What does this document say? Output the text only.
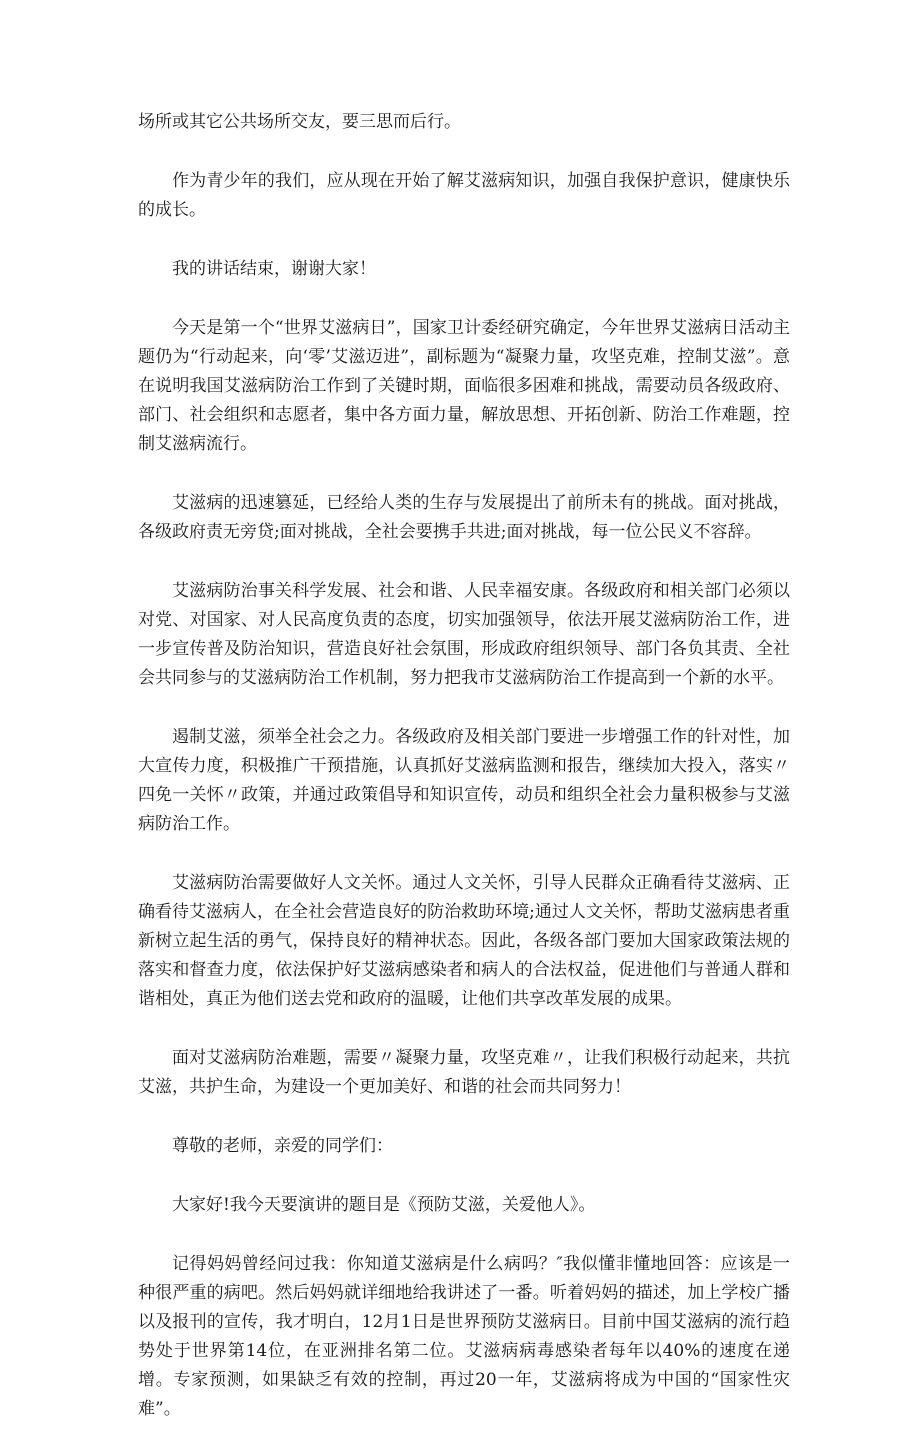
场所或其它公共场所交友，要三思而后行。

作为青少年的我们，应从现在开始了解艾滋病知识，加强自我保护意识，健康快乐的成长。

我的讲话结束，谢谢大家！

今天是第一个“世界艾滋病日”，国家卫计委经研究确定，今年世界艾滋病日活动主题仍为“行动起来，向‘零’艾滋迈进”，副标题为“凝聚力量，攻坚克难，控制艾滋”。意在说明我国艾滋病防治工作到了关键时期，面临很多困难和挑战，需要动员各级政府、部门、社会组织和志愿者，集中各方面力量，解放思想、开拓创新、防治工作难题，控制艾滋病流行。

艾滋病的迅速篡延，已经给人类的生存与发展提出了前所未有的挑战。面对挑战，各级政府责无旁贷;面对挑战，全社会要携手共进;面对挑战，每一位公民义不容辞。

艾滋病防治事关科学发展、社会和谐、人民幸福安康。各级政府和相关部门必须以对党、对国家、对人民高度负责的态度，切实加强领导，依法开展艾滋病防治工作，进一步宣传普及防治知识，营造良好社会氛围，形成政府组织领导、部门各负其责、全社会共同参与的艾滋病防治工作机制，努力把我市艾滋病防治工作提高到一个新的水平。

遏制艾滋，须举全社会之力。各级政府及相关部门要进一步增强工作的针对性，加大宣传力度，积极推广干预措施，认真抓好艾滋病监测和报告，继续加大投入，落实〃四免一关怀〃政策，并通过政策倡导和知识宣传，动员和组织全社会力量积极参与艾滋病防治工作。

艾滋病防治需要做好人文关怀。通过人文关怀，引导人民群众正确看待艾滋病、正确看待艾滋病人，在全社会营造良好的防治救助环境;通过人文关怀，帮助艾滋病患者重新树立起生活的勇气，保持良好的精神状态。因此，各级各部门要加大国家政策法规的落实和督查力度，依法保护好艾滋病感染者和病人的合法权益，促进他们与普通人群和谐相处，真正为他们送去党和政府的温暖，让他们共享改革发展的成果。

面对艾滋病防治难题，需要〃凝聚力量，攻坚克难〃，让我们积极行动起来，共抗艾滋，共护生命，为建设一个更加美好、和谐的社会而共同努力！

尊敬的老师，亲爱的同学们：

大家好!我今天要演讲的题目是《预防艾滋，关爱他人》。

记得妈妈曾经问过我：你知道艾滋病是什么病吗？″我似懂非懂地回答：应该是一种很严重的病吧。然后妈妈就详细地给我讲述了一番。听着妈妈的描述，加上学校广播以及报刊的宣传，我才明白，12月1日是世界预防艾滋病日。目前中国艾滋病的流行趋势处于世界第14位，在亚洲排名第二位。艾滋病病毒感染者每年以40%的速度在递增。专家预测，如果缺乏有效的控制，再过20一年，艾滋病将成为中国的“国家性灾难”。
